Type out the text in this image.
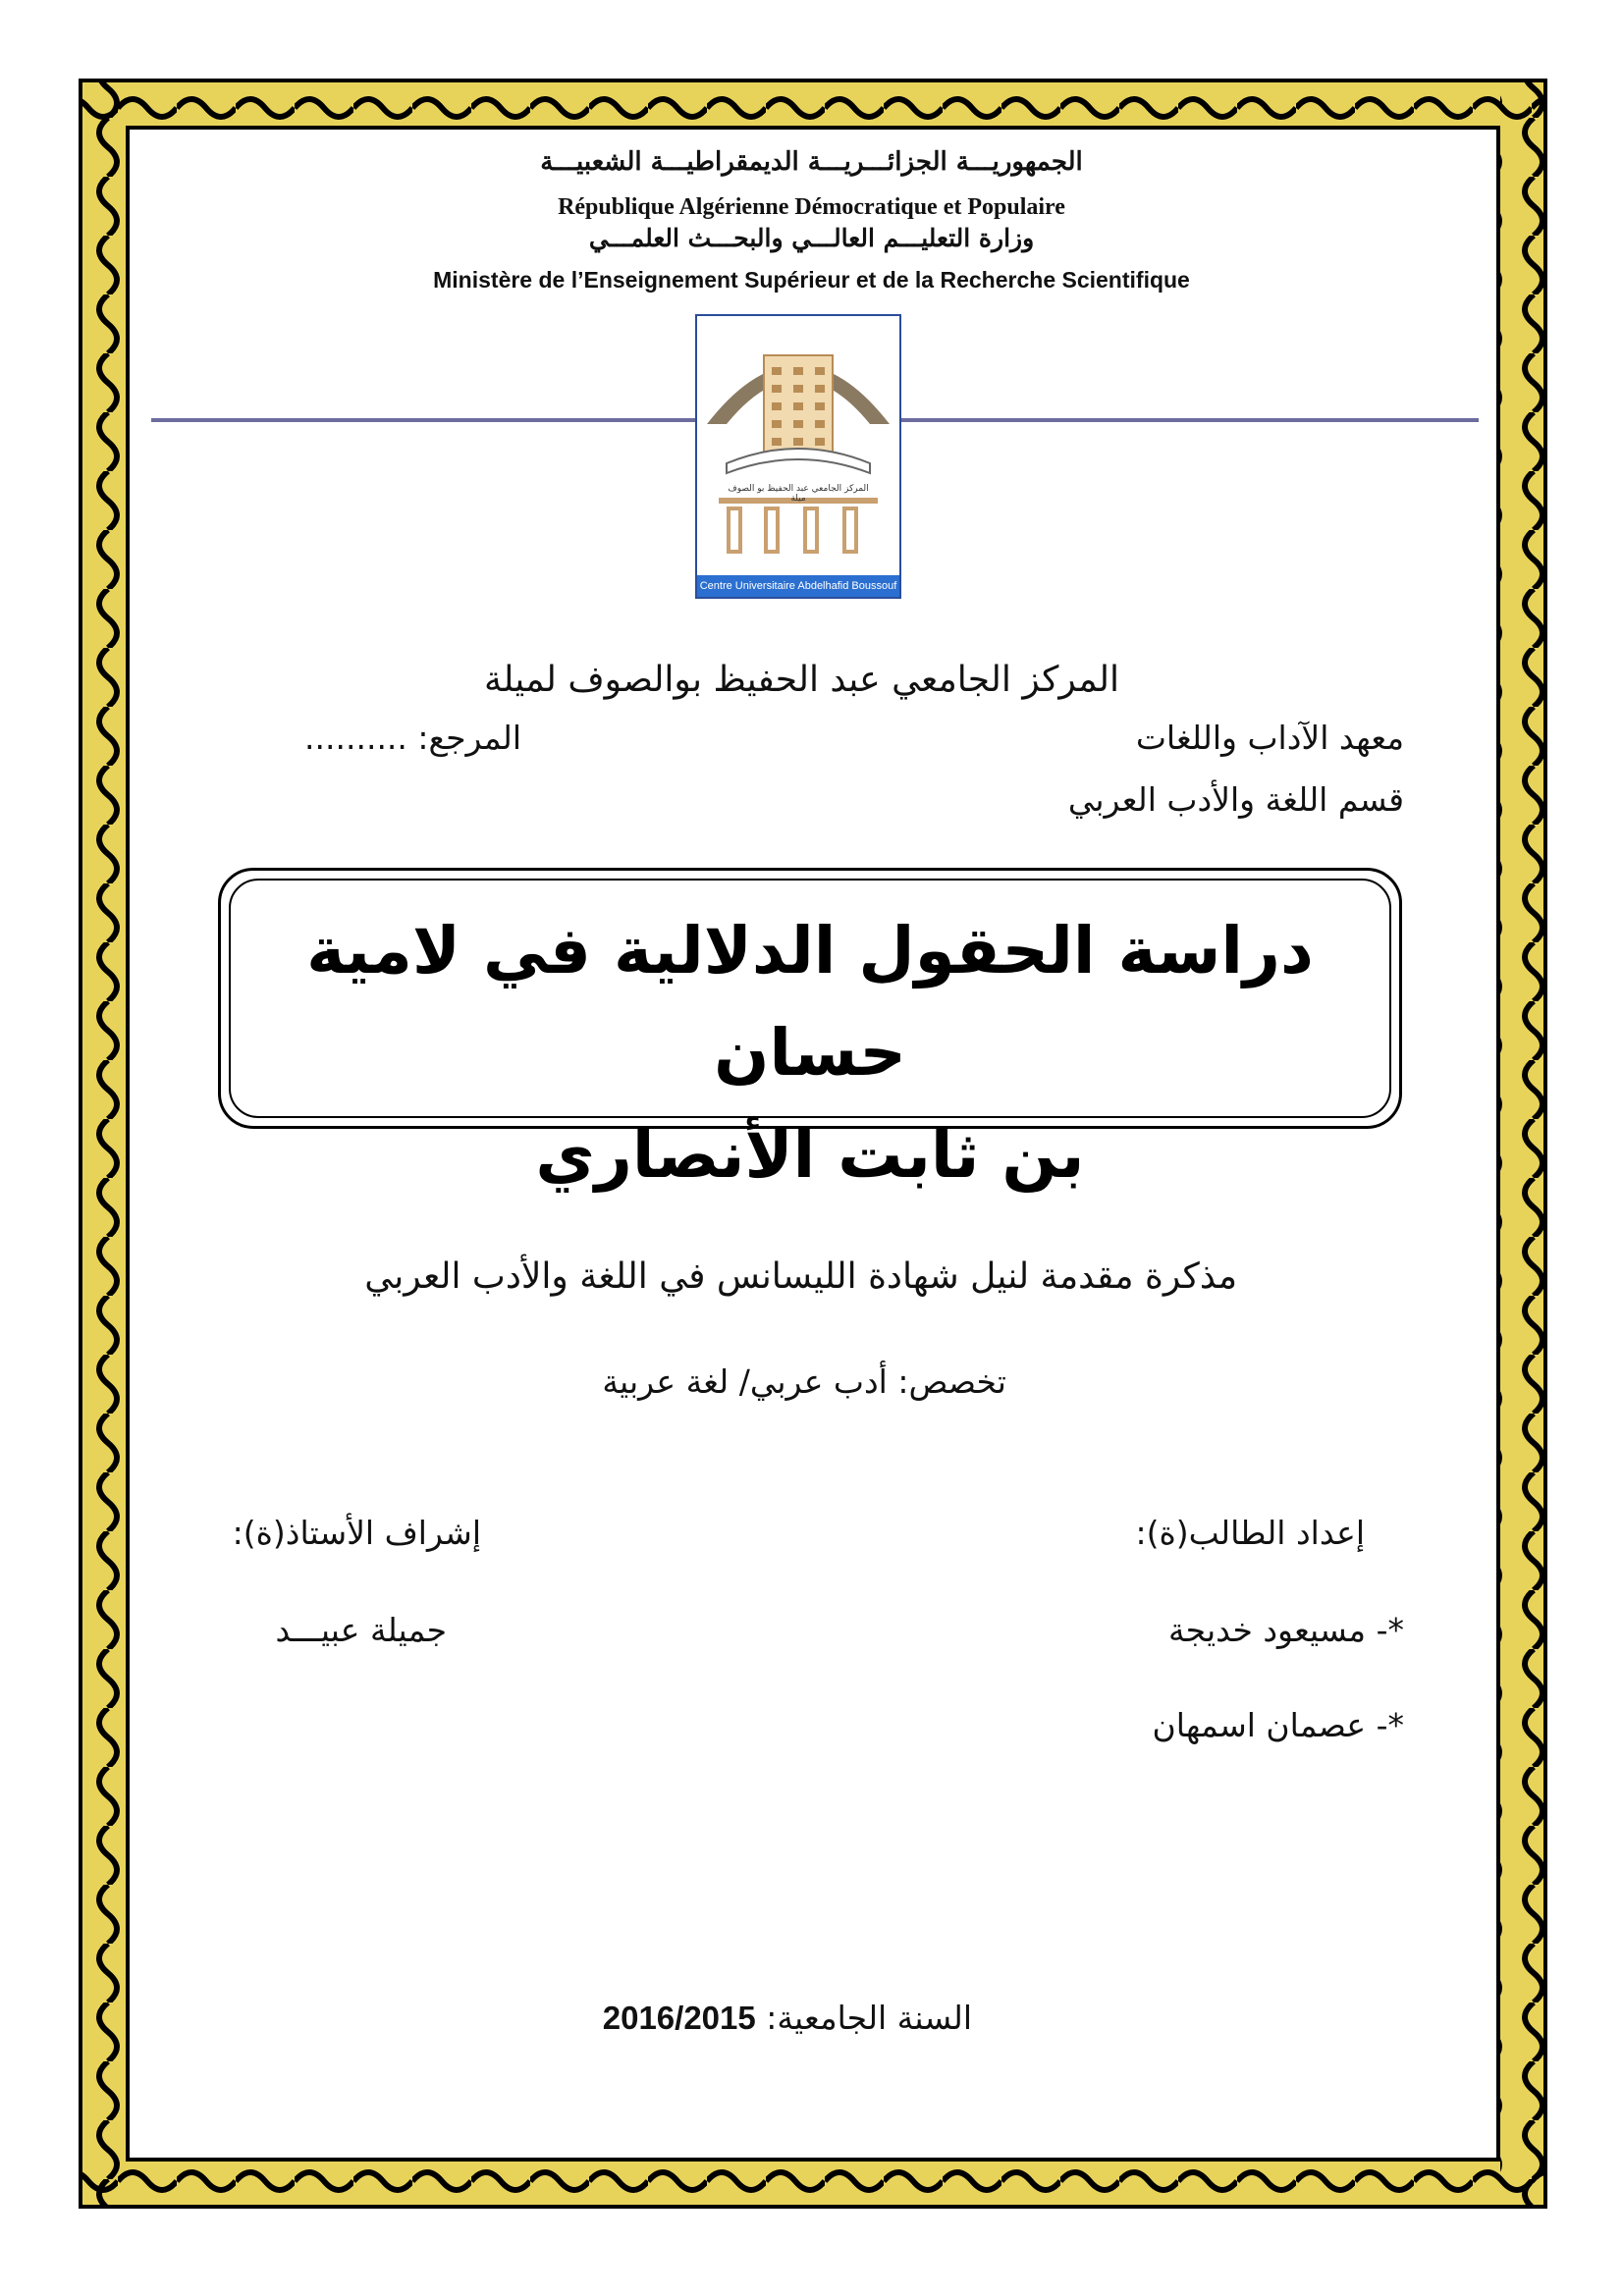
الجمهوريـــة الجزائـــريـــة الديمقراطيـــة الشعبيـــة
République Algérienne Démocratique et Populaire
وزارة التعليـــم العالـــي والبحـــث العلمـــي
Ministère de l’Enseignement Supérieur et de la Recherche Scientifique
المركز الجامعي عبد الحفيظ بو الصوف ميلة
Centre Universitaire Abdelhafid Boussouf Mila
المركز الجامعي عبد الحفيظ بوالصوف لميلة
معهد الآداب واللغات
المرجع: ..........
قسم اللغة والأدب العربي
دراسة الحقول الدلالية في لامية حسان
بن ثابت الأنصاري
مذكرة مقدمة لنيل شهادة الليسانس في اللغة والأدب العربي
تخصص: أدب عربي/ لغة عربية
إعداد الطالب(ة):
إشراف الأستاذ(ة):
*- مسيعود خديجة
جميلة عبيـــد
*- عصمان اسمهان
السنة الجامعية: 2016/2015
